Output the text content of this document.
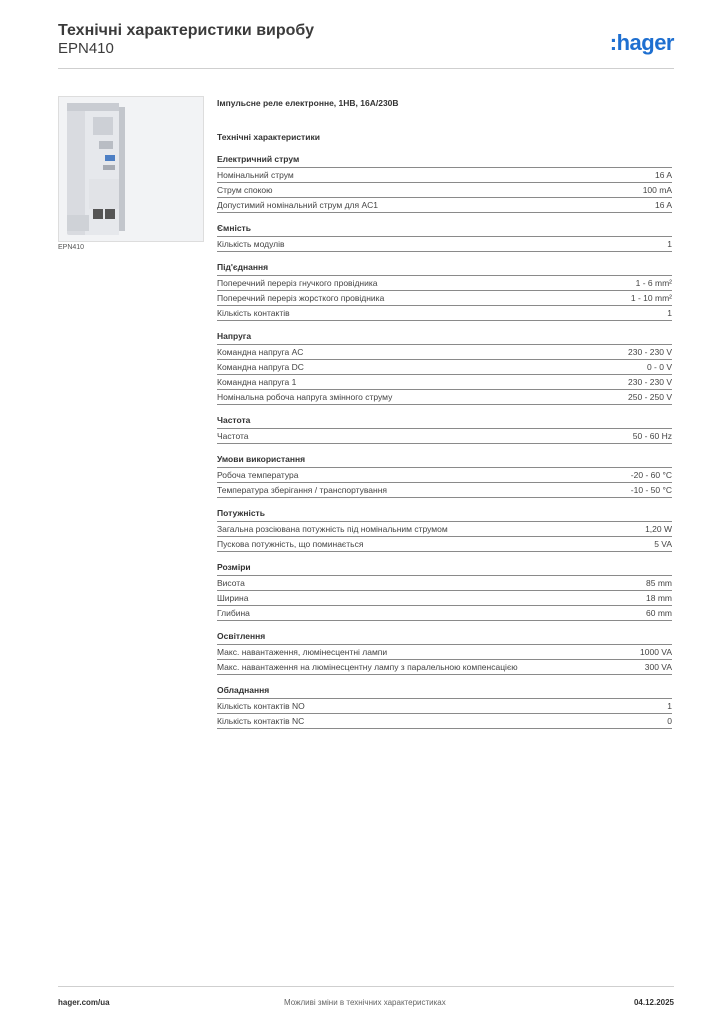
Технічні характеристики виробу
EPN410	:hager
EPN410
Імпульсне реле електронне, 1НВ, 16А/230В
Технічні характеристики
Електричний струм
Номінальний струм	16 A
Струм спокою	100 mA
Допустимий номінальний струм для AC1	16 A
Ємність
Кількість модулів	1
Під'єднання
Поперечний переріз гнучкого провідника	1 - 6 mm²
Поперечний переріз жорсткого провідника	1 - 10 mm²
Кількість контактів	1
Напруга
Командна напруга AC	230 - 230 V
Командна напруга DC	0 - 0 V
Командна напруга 1	230 - 230 V
Номінальна робоча напруга змінного струму	250 - 250 V
Частота
Частота	50 - 60 Hz
Умови використання
Робоча температура	-20 - 60 °C
Температура зберігання / транспортування	-10 - 50 °C
Потужність
Загальна розсіювана потужність під номінальним струмом	1,20 W
Пускова потужність, що поминається	5 VA
Розміри
Висота	85 mm
Ширина	18 mm
Глибина	60 mm
Освітлення
Макс. навантаження, люмінесцентні лампи	1000 VA
Макс. навантаження на люмінесцентну лампу з паралельною компенсацією	300 VA
Обладнання
Кількість контактів NO	1
Кількість контактів NC	0
hager.com/ua	Можливі зміни в технічних характеристиках	04.12.2025
